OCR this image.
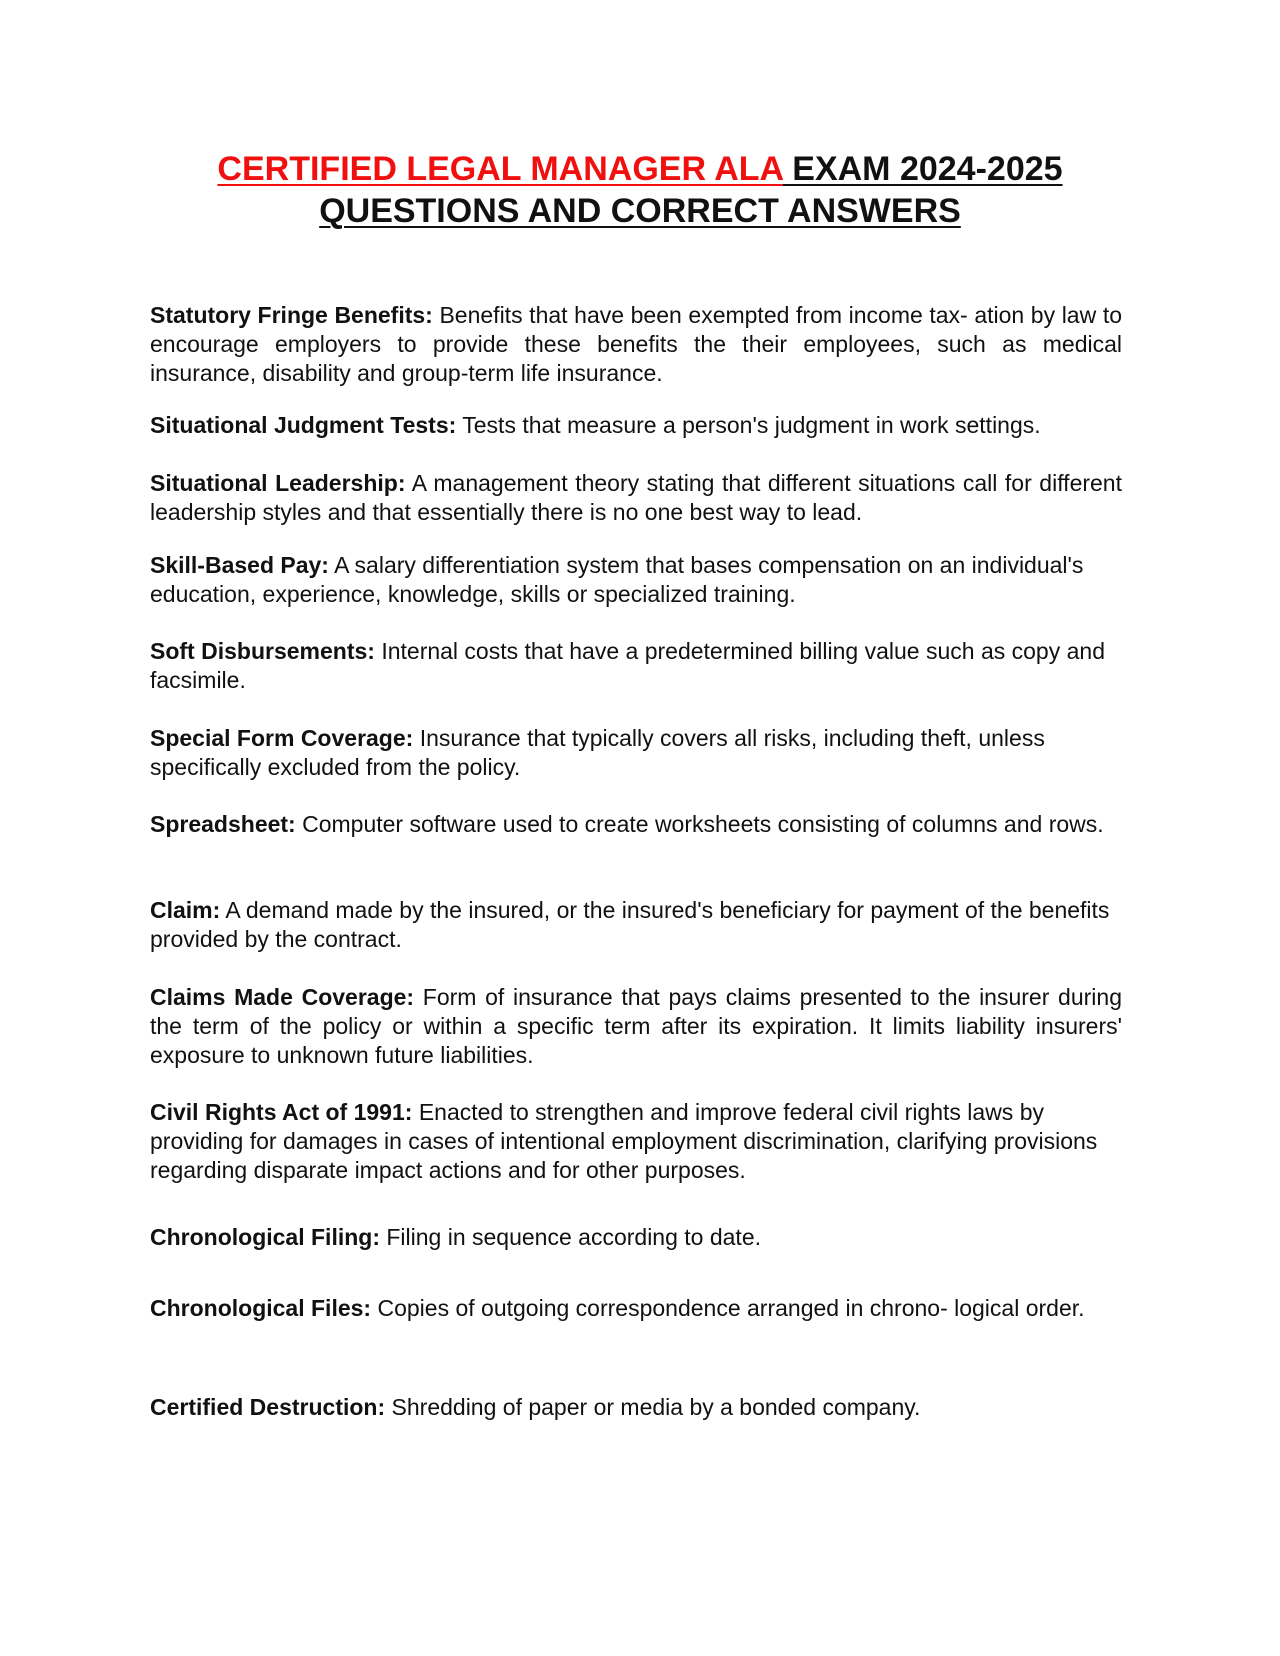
CERTIFIED LEGAL MANAGER ALA EXAM 2024-2025
QUESTIONS AND CORRECT ANSWERS

Statutory Fringe Benefits: Benefits that have been exempted from income tax- ation by law to encourage employers to provide these benefits the their employees, such as medical insurance, disability and group-term life insurance.

Situational Judgment Tests: Tests that measure a person's judgment in work settings.

Situational Leadership: A management theory stating that different situations call for different leadership styles and that essentially there is no one best way to lead.

Skill-Based Pay: A salary differentiation system that bases compensation on an individual's education, experience, knowledge, skills or specialized training.

Soft Disbursements: Internal costs that have a predetermined billing value such as copy and facsimile.

Special Form Coverage: Insurance that typically covers all risks, including theft, unless specifically excluded from the policy.

Spreadsheet: Computer software used to create worksheets consisting of columns and rows.

Claim: A demand made by the insured, or the insured's beneficiary for payment of the benefits provided by the contract.

Claims Made Coverage: Form of insurance that pays claims presented to the insurer during the term of the policy or within a specific term after its expiration. It limits liability insurers' exposure to unknown future liabilities.

Civil Rights Act of 1991: Enacted to strengthen and improve federal civil rights laws by providing for damages in cases of intentional employment discrimination, clarifying provisions regarding disparate impact actions and for other purposes.

Chronological Filing: Filing in sequence according to date.

Chronological Files: Copies of outgoing correspondence arranged in chrono- logical order.

Certified Destruction: Shredding of paper or media by a bonded company.
